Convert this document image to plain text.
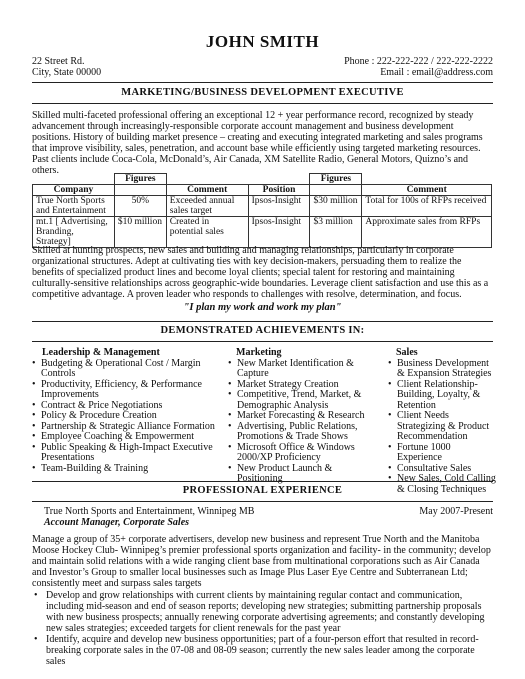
JOHN SMITH
22 Street Rd.
City, State 00000
Phone : 222-222-222 / 222-222-2222
Email : email@address.com
MARKETING/BUSINESS DEVELOPMENT EXECUTIVE
Skilled multi-faceted professional offering an exceptional 12 + year performance record, recognized by steady advancement through increasingly-responsible corporate account management and business development positions. History of building market presence – creating and executing integrated marketing and sales programs that improve visibility, sales, penetration, and account base while efficiently using targeted marketing resources. Past clients include Coca-Cola, McDonald’s, Air Canada, XM Satellite Radio, General Motors, Quizno’s and others.
	Figures			Figures	
Company		Comment	Position		Comment
True North Sports and Entertainment	50%	Exceeded annual sales target	Ipsos-Insight	$30 million	Total for 100s of RFPs received
mt.1 [ Advertising, Branding, Strategy]	$10 million	Created in potential sales	Ipsos-Insight	$3 million	Approximate sales from RFPs
Skilled at hunting prospects, new sales and building and managing relationships, particularly in corporate organizational structures. Adept at cultivating ties with key decision-makers, persuading them to realize the benefits of specialized product lines and become loyal clients; special talent for restoring and maintaining culturally-sensitive relationships across geographic-wide boundaries. Leverage client satisfaction and use this as a competitive advantage. A proven leader who responds to challenges with resolve, determination, and focus.
"I plan my work and work my plan"
DEMONSTRATED ACHIEVEMENTS IN:
Leadership & Management
• Budgeting & Operational Cost / Margin Controls
• Productivity, Efficiency, & Performance Improvements
• Contract & Price Negotiations
• Policy & Procedure Creation
• Partnership & Strategic Alliance Formation
• Employee Coaching & Empowerment
• Public Speaking & High-Impact Executive Presentations
• Team-Building & Training
Marketing
• New Market Identification & Capture
• Market Strategy Creation
• Competitive, Trend, Market, & Demographic Analysis
• Market Forecasting & Research
• Advertising, Public Relations, Promotions & Trade Shows
• Microsoft Office & Windows 2000/XP Proficiency
• New Product Launch & Positioning
Sales
• Business Development & Expansion Strategies
• Client Relationship-Building, Loyalty, & Retention
• Client Needs Strategizing & Product Recommendation
• Fortune 1000 Experience
• Consultative Sales
• New Sales, Cold Calling & Closing Techniques
PROFESSIONAL EXPERIENCE
True North Sports and Entertainment, Winnipeg MB	May 2007-Present
Account Manager, Corporate Sales
Manage a group of 35+ corporate advertisers, develop new business and represent True North and the Manitoba Moose Hockey Club- Winnipeg’s premier professional sports organization and facility- in the community; develop and maintain solid relations with a wide ranging client base from multinational corporations such as Air Canada and Investor’s Group to smaller local businesses such as Image Plus Laser Eye Centre and Subterranean Ltd; consistently meet and surpass sales targets
• Develop and grow relationships with current clients by maintaining regular contact and communication, including mid-season and end of season reports; developing new strategies; submitting partnership proposals with new business prospects; annually renewing corporate advertising agreements; and constantly developing new sales strategies; exceeded targets for client renewals for the past year
• Identify, acquire and develop new business opportunities; part of a four-person effort that resulted in record-breaking corporate sales in the 07-08 and 08-09 season; currently the new sales leader among the corporate sales
